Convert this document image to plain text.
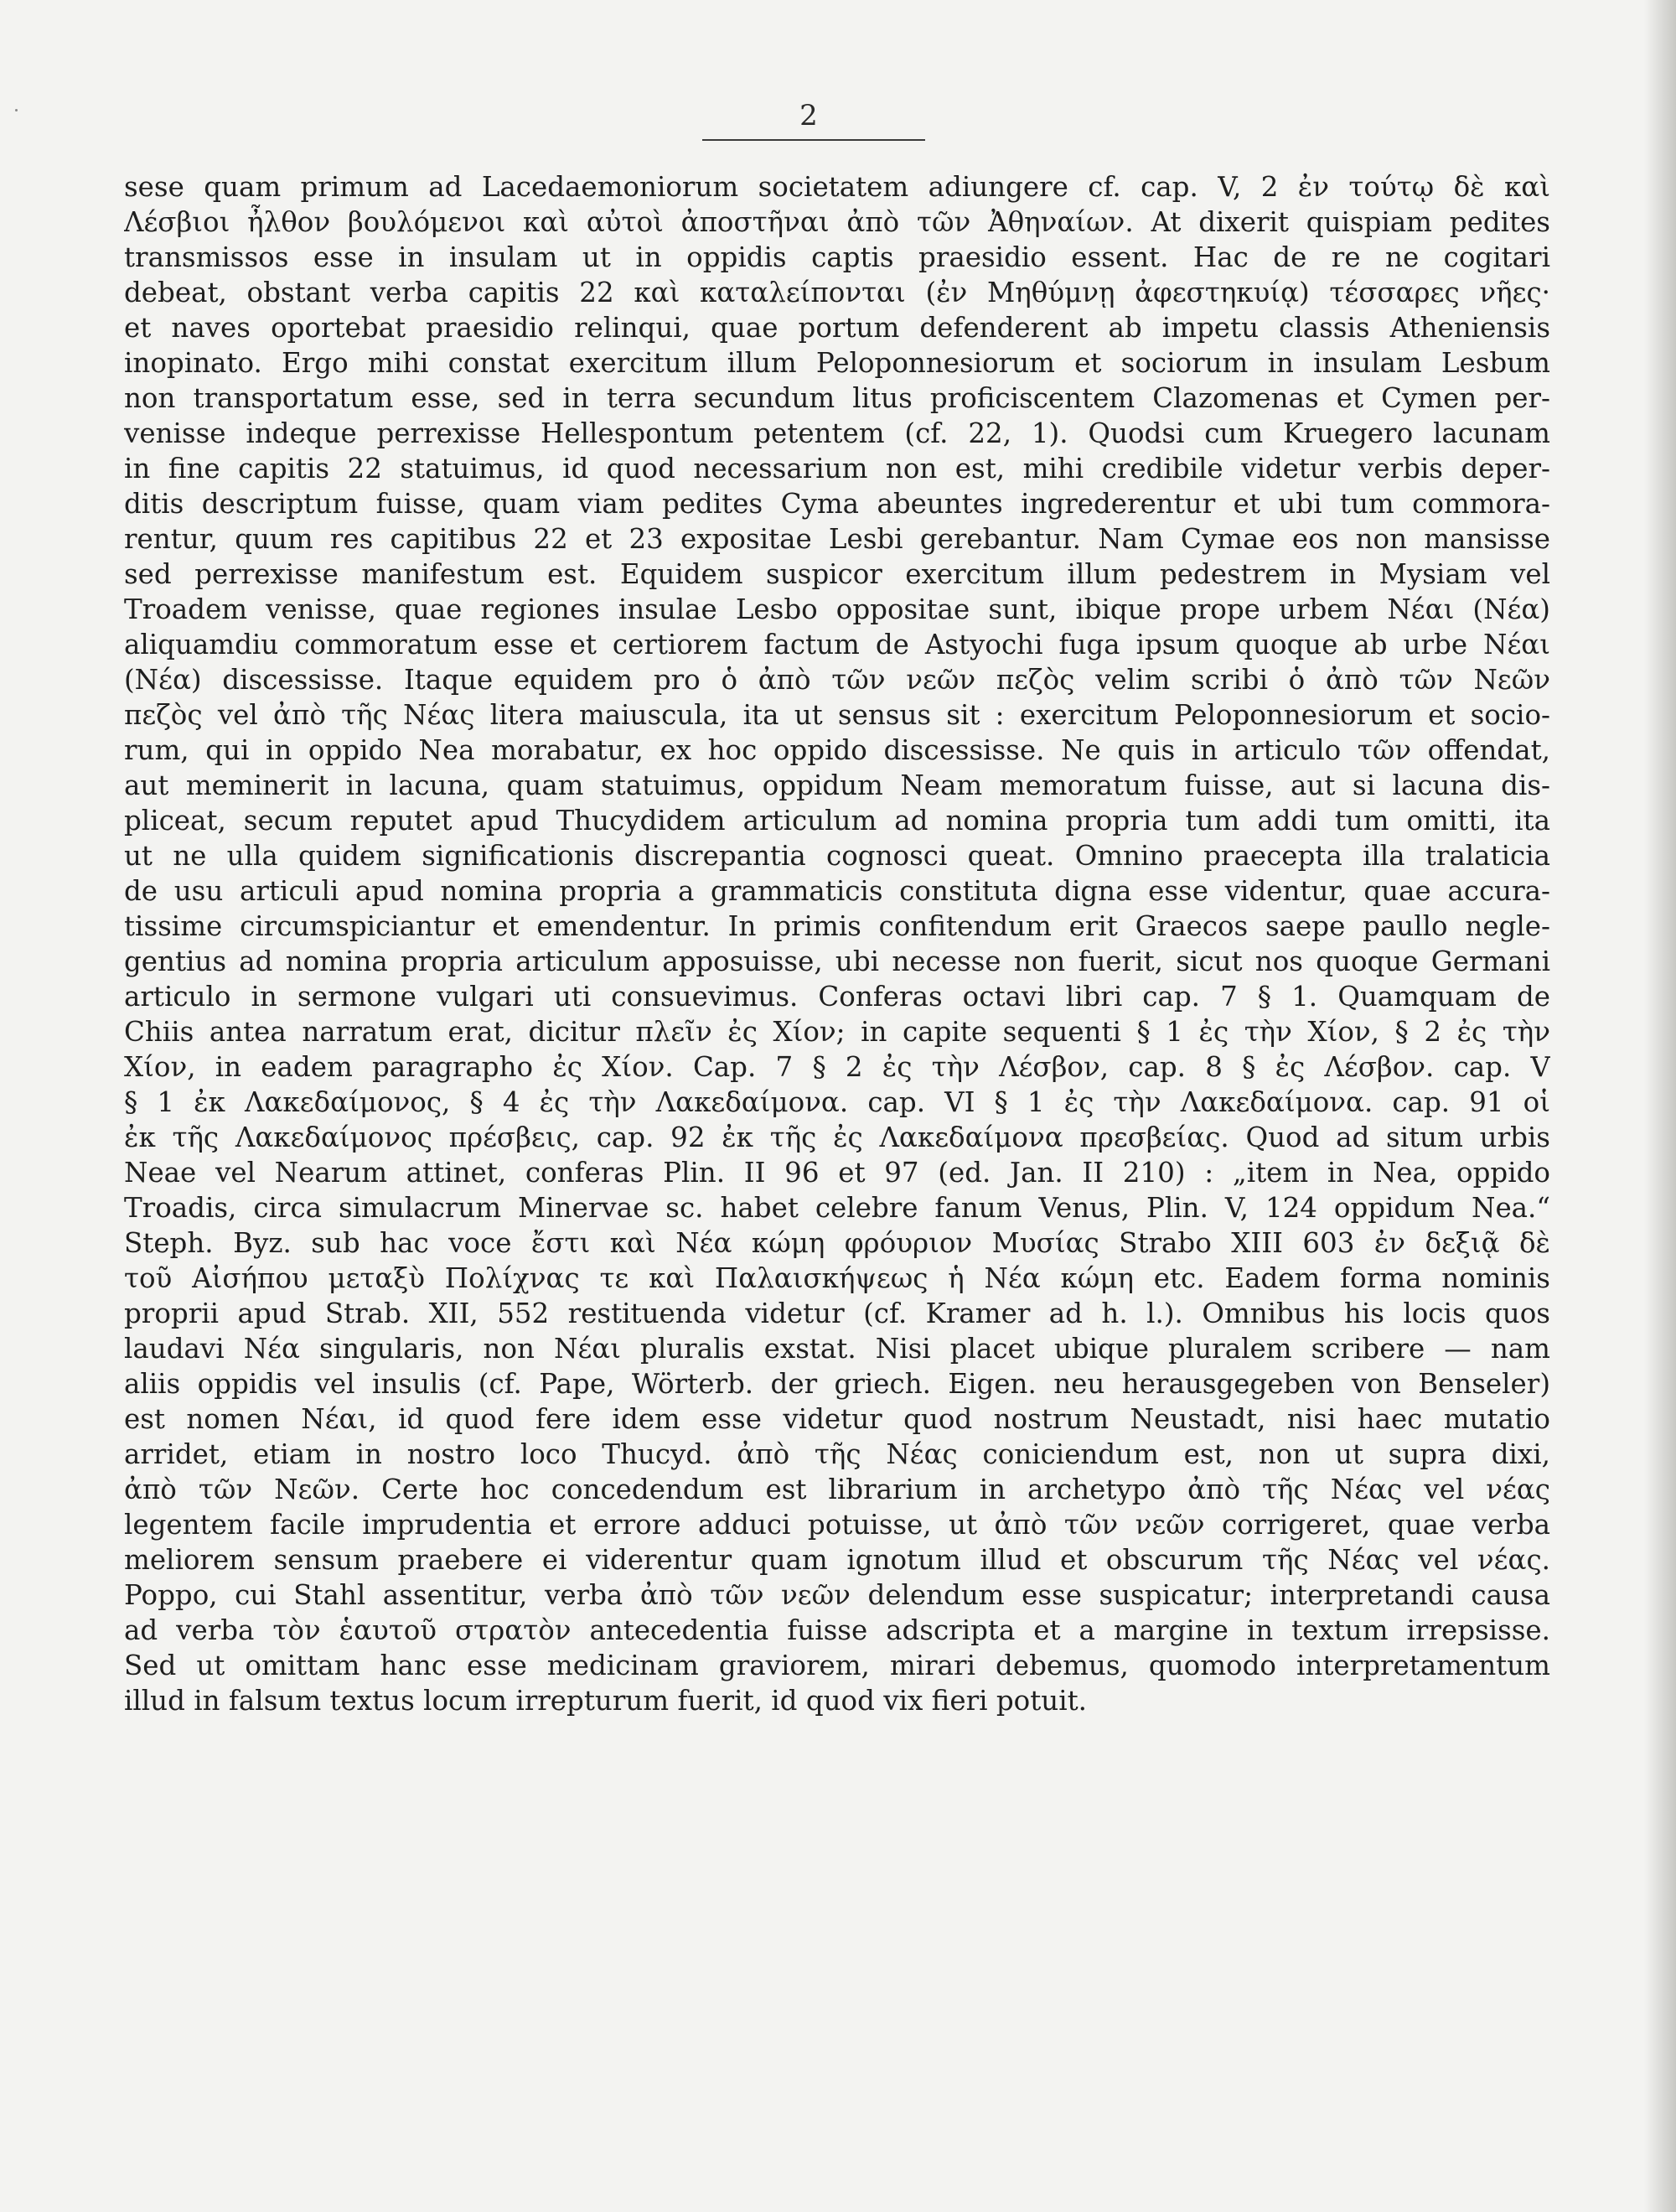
2
sese quam primum ad Lacedaemoniorum societatem adiungere cf. cap. V, 2 ἐν τούτῳ δὲ καὶ
Λέσβιοι ἦλθον βουλόμενοι καὶ αὐτοὶ ἀποστῆναι ἀπὸ τῶν Ἀθηναίων. At dixerit quispiam pedites
transmissos esse in insulam ut in oppidis captis praesidio essent. Hac de re ne cogitari
debeat, obstant verba capitis 22 καὶ καταλείπονται (ἐν Μηθύμνῃ ἀφεστηκυίᾳ) τέσσαρες νῆες·
et naves oportebat praesidio relinqui, quae portum defenderent ab impetu classis Atheniensis
inopinato. Ergo mihi constat exercitum illum Peloponnesiorum et sociorum in insulam Lesbum
non transportatum esse, sed in terra secundum litus proficiscentem Clazomenas et Cymen per-
venisse indeque perrexisse Hellespontum petentem (cf. 22, 1). Quodsi cum Kruegero lacunam
in fine capitis 22 statuimus, id quod necessarium non est, mihi credibile videtur verbis deper-
ditis descriptum fuisse, quam viam pedites Cyma abeuntes ingrederentur et ubi tum commora-
rentur, quum res capitibus 22 et 23 expositae Lesbi gerebantur. Nam Cymae eos non mansisse
sed perrexisse manifestum est. Equidem suspicor exercitum illum pedestrem in Mysiam vel
Troadem venisse, quae regiones insulae Lesbo oppositae sunt, ibique prope urbem Νέαι (Νέα)
aliquamdiu commoratum esse et certiorem factum de Astyochi fuga ipsum quoque ab urbe Νέαι
(Νέα) discessisse. Itaque equidem pro ὁ ἀπὸ τῶν νεῶν πεζὸς velim scribi ὁ ἀπὸ τῶν Νεῶν
πεζὸς vel ἀπὸ τῆς Νέας litera maiuscula, ita ut sensus sit : exercitum Peloponnesiorum et socio-
rum, qui in oppido Nea morabatur, ex hoc oppido discessisse. Ne quis in articulo τῶν offendat,
aut meminerit in lacuna, quam statuimus, oppidum Neam memoratum fuisse, aut si lacuna dis-
pliceat, secum reputet apud Thucydidem articulum ad nomina propria tum addi tum omitti, ita
ut ne ulla quidem significationis discrepantia cognosci queat. Omnino praecepta illa tralaticia
de usu articuli apud nomina propria a grammaticis constituta digna esse videntur, quae accura-
tissime circumspiciantur et emendentur. In primis confitendum erit Graecos saepe paullo neglе-
gentius ad nomina propria articulum apposuisse, ubi necesse non fuerit, sicut nos quoque Germani
articulo in sermone vulgari uti consuevimus. Conferas octavi libri cap. 7 § 1. Quamquam de
Chiis antea narratum erat, dicitur πλεῖν ἐς Χίον; in capite sequenti § 1 ἐς τὴν Χίον, § 2 ἐς τὴν
Χίον, in eadem paragrapho ἐς Χίον. Cap. 7 § 2 ἐς τὴν Λέσβον, cap. 8 § ἐς Λέσβον. cap. V
§ 1 ἐκ Λακεδαίμονος, § 4 ἐς τὴν Λακεδαίμονα. cap. VI § 1 ἐς τὴν Λακεδαίμονα. cap. 91 οἱ
ἐκ τῆς Λακεδαίμονος πρέσβεις, cap. 92 ἐκ τῆς ἐς Λακεδαίμονα πρεσβείας. Quod ad situm urbis
Neae vel Nearum attinet, conferas Plin. II 96 et 97 (ed. Jan. II 210) : „item in Nea, oppido
Troadis, circa simulacrum Minervae sc. habet celebre fanum Venus, Plin. V, 124 oppidum Nea.“
Steph. Byz. sub hac voce ἔστι καὶ Νέα κώμη φρόυριον Μυσίας Strabo XIII 603 ἐν δεξιᾷ δὲ
τοῦ Αἰσήπου μεταξὺ Πολίχνας τε καὶ Παλαισκήψεως ἡ Νέα κώμη etc. Eadem forma nominis
proprii apud Strab. XII, 552 restituenda videtur (cf. Kramer ad h. l.). Omnibus his locis quos
laudavi Νέα singularis, non Νέαι pluralis exstat. Nisi placet ubique pluralem scribere — nam
aliis oppidis vel insulis (cf. Pape, Wörterb. der griech. Eigen. neu herausgegeben von Benseler)
est nomen Νέαι, id quod fere idem esse videtur quod nostrum Neustadt, nisi haec mutatio
arridet, etiam in nostro loco Thucyd. ἀπὸ τῆς Νέας coniciendum est, non ut supra dixi,
ἀπὸ τῶν Νεῶν. Certe hoc concedendum est librarium in archetypo ἀπὸ τῆς Νέας vel νέας
legentem facile imprudentia et errore adduci potuisse, ut ἀπὸ τῶν νεῶν corrigeret, quae verba
meliorem sensum praebere ei viderentur quam ignotum illud et obscurum τῆς Νέας vel νέας.
Poppo, cui Stahl assentitur, verba ἀπὸ τῶν νεῶν delendum esse suspicatur; interpretandi causa
ad verba τὸν ἑαυτοῦ στρατὸν antecedentia fuisse adscripta et a margine in textum irrepsisse.
Sed ut omittam hanc esse medicinam graviorem, mirari debemus, quomodo interpretamentum
illud in falsum textus locum irrepturum fuerit, id quod vix fieri potuit.
